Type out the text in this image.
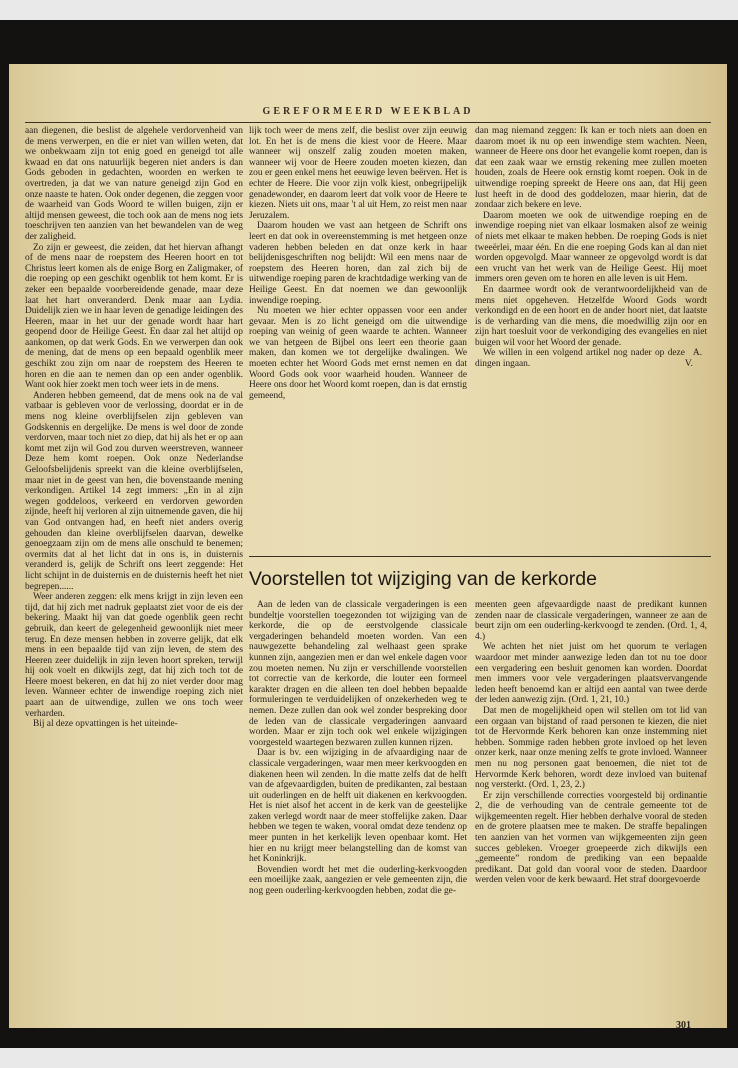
GEREFORMEERD WEEKBLAD

aan diegenen, die beslist de algehele verdorvenheid van de mens verwerpen, en die er niet van willen weten, dat we onbekwaam zijn tot enig goed en geneigd tot alle kwaad en dat ons natuurlijk begeren niet anders is dan Gods geboden in gedachten, woorden en werken te overtreden, ja dat we van nature geneigd zijn God en onze naaste te haten. Ook onder degenen, die zeggen voor de waarheid van Gods Woord te willen buigen, zijn er altijd mensen geweest, die toch ook aan de mens nog iets toeschrijven ten aanzien van het bewandelen van de weg der zaligheid.

Zo zijn er geweest, die zeiden, dat het hiervan afhangt of de mens naar de roepstem des Heeren hoort en tot Christus leert komen als de enige Borg en Zaligmaker, of die roeping op een geschikt ogenblik tot hem komt. Er is zeker een bepaalde voorbereidende genade, maar deze laat het hart onveranderd. Denk maar aan Lydia. Duidelijk zien we in haar leven de genadige leidingen des Heeren, maar in het uur der genade wordt haar hart geopend door de Heilige Geest. En daar zal het altijd op aankomen, op dat werk Gods. En we verwerpen dan ook de mening, dat de mens op een bepaald ogenblik meer geschikt zou zijn om naar de roepstem des Heeren te horen en die aan te nemen dan op een ander ogenblik. Want ook hier zoekt men toch weer iets in de mens.

Anderen hebben gemeend, dat de mens ook na de val vatbaar is gebleven voor de verlossing, doordat er in de mens nog kleine overblijfselen zijn gebleven van Godskennis en dergelijke. De mens is wel door de zonde verdorven, maar toch niet zo diep, dat hij als het er op aan komt met zijn wil God zou durven weerstreven, wanneer Deze hem komt roepen. Ook onze Nederlandse Geloofsbelijdenis spreekt van die kleine overblijfselen, maar niet in de geest van hen, die bovenstaande mening verkondigen. Artikel 14 zegt immers: „En in al zijn wegen goddeloos, verkeerd en verdorven geworden zijnde, heeft hij verloren al zijn uitnemende gaven, die hij van God ontvangen had, en heeft niet anders overig gehouden dan kleine overblijfselen daarvan, dewelke genoegzaam zijn om de mens alle onschuld te benemen; overmits dat al het licht dat in ons is, in duisternis veranderd is, gelijk de Schrift ons leert zeggende: Het licht schijnt in de duisternis en de duisternis heeft het niet begrepen......

Weer anderen zeggen: elk mens krijgt in zijn leven een tijd, dat hij zich met nadruk geplaatst ziet voor de eis der bekering. Maakt hij van dat goede ogenblik geen recht gebruik, dan keert de gelegenheid gewoonlijk niet meer terug. En deze mensen hebben in zoverre gelijk, dat elk mens in een bepaalde tijd van zijn leven, de stem des Heeren zeer duidelijk in zijn leven hoort spreken, terwijl hij ook voelt en dikwijls zegt, dat hij zich toch tot de Heere moest bekeren, en dat hij zo niet verder door mag leven. Wanneer echter de inwendige roeping zich niet paart aan de uitwendige, zullen we ons toch weer verharden.

Bij al deze opvattingen is het uiteinde-

lijk toch weer de mens zelf, die beslist over zijn eeuwig lot. En het is de mens die kiest voor de Heere. Maar wanneer wij onszelf zalig zouden moeten maken, wanneer wij voor de Heere zouden moeten kiezen, dan zou er geen enkel mens het eeuwige leven beërven. Het is echter de Heere. Die voor zijn volk kiest, onbegrijpelijk genadewonder, en daarom leert dat volk voor de Heere te kiezen. Niets uit ons, maar 't al uit Hem, zo reist men naar Jeruzalem.

Daarom houden we vast aan hetgeen de Schrift ons leert en dat ook in overeenstemming is met hetgeen onze vaderen hebben beleden en dat onze kerk in haar belijdenisgeschriften nog belijdt: Wil een mens naar de roepstem des Heeren horen, dan zal zich bij de uitwendige roeping paren de krachtdadige werking van de Heilige Geest. En dat noemen we dan gewoonlijk inwendige roeping.

Nu moeten we hier echter oppassen voor een ander gevaar. Men is zo licht geneigd om die uitwendige roeping van weinig of geen waarde te achten. Wanneer we van hetgeen de Bijbel ons leert een theorie gaan maken, dan komen we tot dergelijke dwalingen. We moeten echter het Woord Gods met ernst nemen en dat Woord Gods ook voor waarheid houden. Wanneer de Heere ons door het Woord komt roepen, dan is dat ernstig gemeend,

dan mag niemand zeggen: Ik kan er toch niets aan doen en daarom moet ik nu op een inwendige stem wachten. Neen, wanneer de Heere ons door het evangelie komt roepen, dan is dat een zaak waar we ernstig rekening mee zullen moeten houden, zoals de Heere ook ernstig komt roepen. Ook in de uitwendige roeping spreekt de Heere ons aan, dat Hij geen lust heeft in de dood des goddelozen, maar hierin, dat de zondaar zich bekere en leve.

Daarom moeten we ook de uitwendige roeping en de inwendige roeping niet van elkaar losmaken alsof ze weinig of niets met elkaar te maken hebben. De roeping Gods is niet tweeërlei, maar één. En die ene roeping Gods kan al dan niet worden opgevolgd. Maar wanneer ze opgevolgd wordt is dat een vrucht van het werk van de Heilige Geest. Hij moet immers oren geven om te horen en alle leven is uit Hem.

En daarmee wordt ook de verantwoordelijkheid van de mens niet opgeheven. Hetzelfde Woord Gods wordt verkondigd en de een hoort en de ander hoort niet, dat laatste is de verharding van die mens, die moedwillig zijn oor en zijn hart toesluit voor de verkondiging des evangelies en niet buigen wil voor het Woord der genade.

We willen in een volgend artikel nog nader op deze dingen ingaan.
A. V.

Voorstellen tot wijziging van de kerkorde

Aan de leden van de classicale vergaderingen is een bundeltje voorstellen toegezonden tot wijziging van de kerkorde, die op de eerstvolgende classicale vergaderingen behandeld moeten worden. Van een nauwgezette behandeling zal welhaast geen sprake kunnen zijn, aangezien men er dan wel enkele dagen voor zou moeten nemen. Nu zijn er verschillende voorstellen tot correctie van de kerkorde, die louter een formeel karakter dragen en die alleen ten doel hebben bepaalde formuleringen te verduidelijken of onzekerheden weg te nemen. Deze zullen dan ook wel zonder bespreking door de leden van de classicale vergaderingen aanvaard worden. Maar er zijn toch ook wel enkele wijzigingen voorgesteld waartegen bezwaren zullen kunnen rijzen.

Daar is bv. een wijziging in de afvaardiging naar de classicale vergaderingen, waar men meer kerkvoogden en diakenen heen wil zenden. In die matte zelfs dat de helft van de afgevaardigden, buiten de predikanten, zal bestaan uit ouderlingen en de helft uit diakenen en kerkvoogden. Het is niet alsof het accent in de kerk van de geestelijke zaken verlegd wordt naar de meer stoffelijke zaken. Daar hebben we tegen te waken, vooral omdat deze tendenz op meer punten in het kerkelijk leven openbaar komt. Het hier en nu krijgt meer belangstelling dan de komst van het Koninkrijk.

Bovendien wordt het met die ouderling-kerkvoogden een moeilijke zaak, aangezien er vele gemeenten zijn, die nog geen ouderling-kerkvoogden hebben, zodat die ge-

meenten geen afgevaardigde naast de predikant kunnen zenden naar de classicale vergaderingen, wanneer ze aan de beurt zijn om een ouderling-kerkvoogd te zenden. (Ord. 1, 4, 4.)

We achten het niet juist om het quorum te verlagen waardoor met minder aanwezige leden dan tot nu toe door een vergadering een besluit genomen kan worden. Doordat men immers voor vele vergaderingen plaatsvervangende leden heeft benoemd kan er altijd een aantal van twee derde der leden aanwezig zijn. (Ord. 1, 21, 10.)

Dat men de mogelijkheid open wil stellen om tot lid van een orgaan van bijstand of raad personen te kiezen, die niet tot de Hervormde Kerk behoren kan onze instemming niet hebben. Sommige raden hebben grote invloed op het leven onzer kerk, naar onze mening zelfs te grote invloed. Wanneer men nu nog personen gaat benoemen, die niet tot de Hervormde Kerk behoren, wordt deze invloed van buitenaf nog versterkt. (Ord. 1, 23, 2.)

Er zijn verschillende correcties voorgesteld bij ordinantie 2, die de verhouding van de centrale gemeente tot de wijkgemeenten regelt. Hier hebben derhalve vooral de steden en de grotere plaatsen mee te maken. De straffe bepalingen ten aanzien van het vormen van wijkgemeenten zijn geen succes gebleken. Vroeger groepeerde zich dikwijls een „gemeente” rondom de prediking van een bepaalde predikant. Dat gold dan vooral voor de steden. Daardoor werden velen voor de kerk bewaard. Het straf doorgevoerde

301
